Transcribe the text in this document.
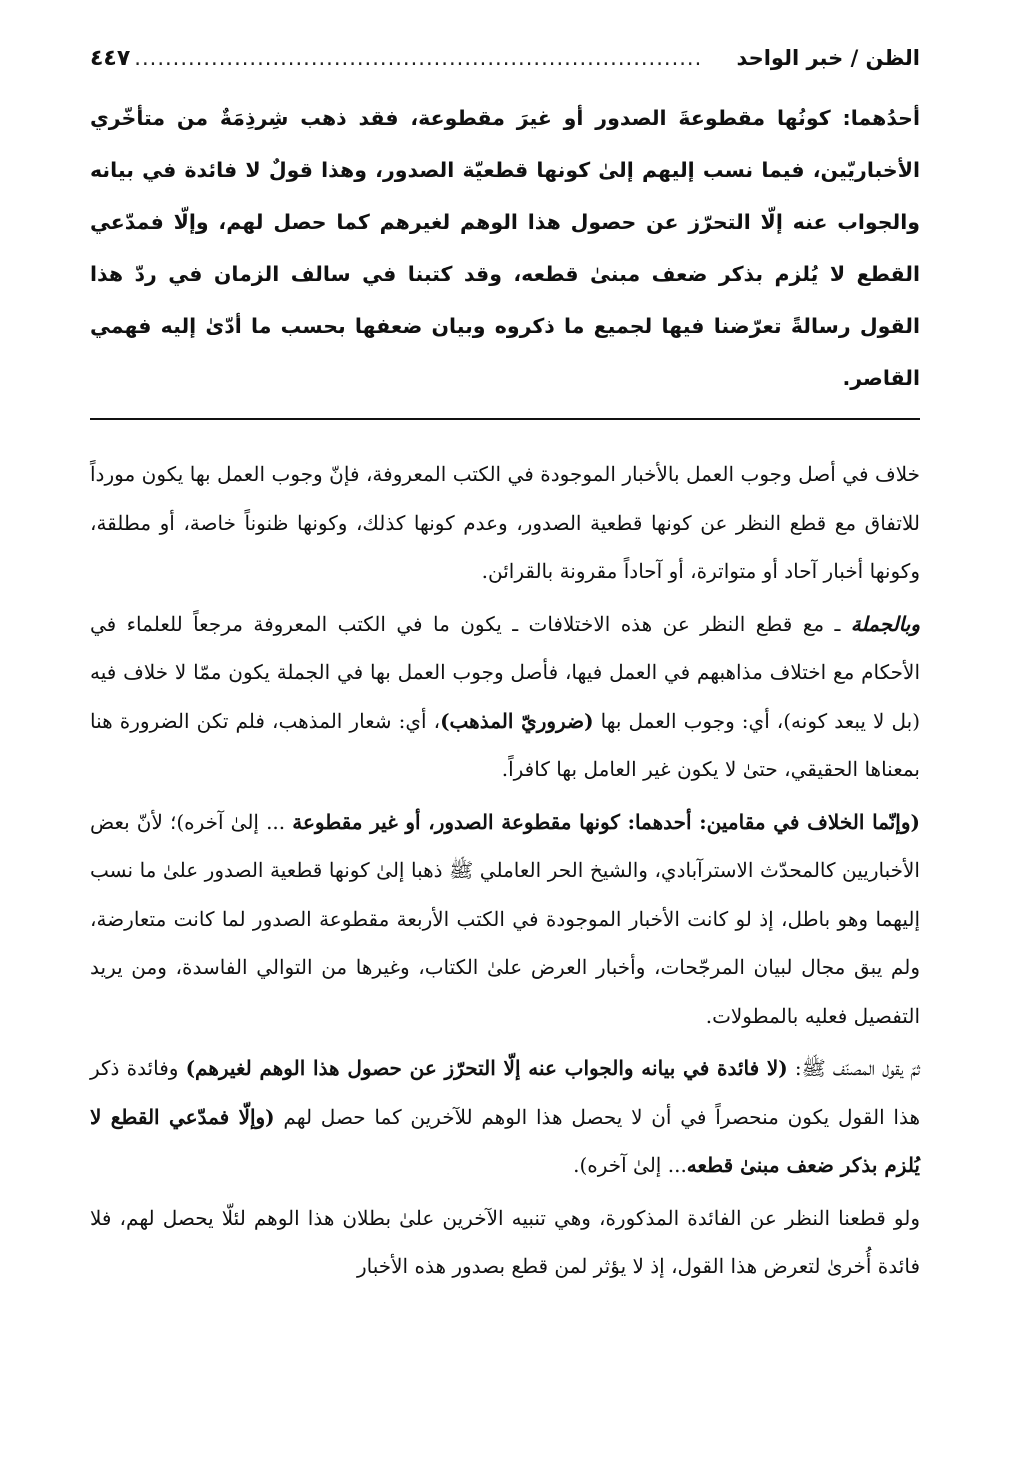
الظن / خبر الواحد
..........................................................................
٤٤٧

أحدُهما: كونُها مقطوعةَ الصدور أو غيرَ مقطوعة، فقد ذهب شِرذِمَةٌ من متأخّري الأخباريّين، فيما نسب إليهم إلىٰ كونها قطعيّة الصدور، وهذا قولٌ لا فائدة في بيانه والجواب عنه إلّا التحرّز عن حصول هذا الوهم لغيرهم كما حصل لهم، وإلّا فمدّعي القطع لا يُلزم بذكر ضعف مبنىٰ قطعه، وقد كتبنا في سالف الزمان في ردّ هذا القول رسالةً تعرّضنا فيها لجميع ما ذكروه وبيان ضعفها بحسب ما أدّىٰ إليه فهمي القاصر.

خلاف في أصل وجوب العمل بالأخبار الموجودة في الكتب المعروفة، فإنّ وجوب العمل بها يكون مورداً للاتفاق مع قطع النظر عن كونها قطعية الصدور، وعدم كونها كذلك، وكونها ظنوناً خاصة، أو مطلقة، وكونها أخبار آحاد أو متواترة، أو آحاداً مقرونة بالقرائن.

وبالجملة ـ مع قطع النظر عن هذه الاختلافات ـ يكون ما في الكتب المعروفة مرجعاً للعلماء في الأحكام مع اختلاف مذاهبهم في العمل فيها، فأصل وجوب العمل بها في الجملة يكون ممّا لا خلاف فيه (بل لا يبعد كونه)، أي: وجوب العمل بها (ضروريّ المذهب)، أي: شعار المذهب، فلم تكن الضرورة هنا بمعناها الحقيقي، حتىٰ لا يكون غير العامل بها كافراً.

(وإنّما الخلاف في مقامين: أحدهما: كونها مقطوعة الصدور، أو غير مقطوعة ... إلىٰ آخره)؛ لأنّ بعض الأخباريين كالمحدّث الاسترآبادي، والشيخ الحر العاملي ﷺ ذهبا إلىٰ كونها قطعية الصدور علىٰ ما نسب إليهما وهو باطل، إذ لو كانت الأخبار الموجودة في الكتب الأربعة مقطوعة الصدور لما كانت متعارضة، ولم يبق مجال لبيان المرجّحات، وأخبار العرض علىٰ الكتاب، وغيرها من التوالي الفاسدة، ومن يريد التفصيل فعليه بالمطولات.

ثمّ يقول المصنّف ﷺ: (لا فائدة في بيانه والجواب عنه إلّا التحرّز عن حصول هذا الوهم لغيرهم) وفائدة ذكر هذا القول يكون منحصراً في أن لا يحصل هذا الوهم للآخرين كما حصل لهم (وإلّا فمدّعي القطع لا يُلزم بذكر ضعف مبنىٰ قطعه... إلىٰ آخره).

ولو قطعنا النظر عن الفائدة المذكورة، وهي تنبيه الآخرين علىٰ بطلان هذا الوهم لئلّا يحصل لهم، فلا فائدة أُخرىٰ لتعرض هذا القول، إذ لا يؤثر لمن قطع بصدور هذه الأخبار
